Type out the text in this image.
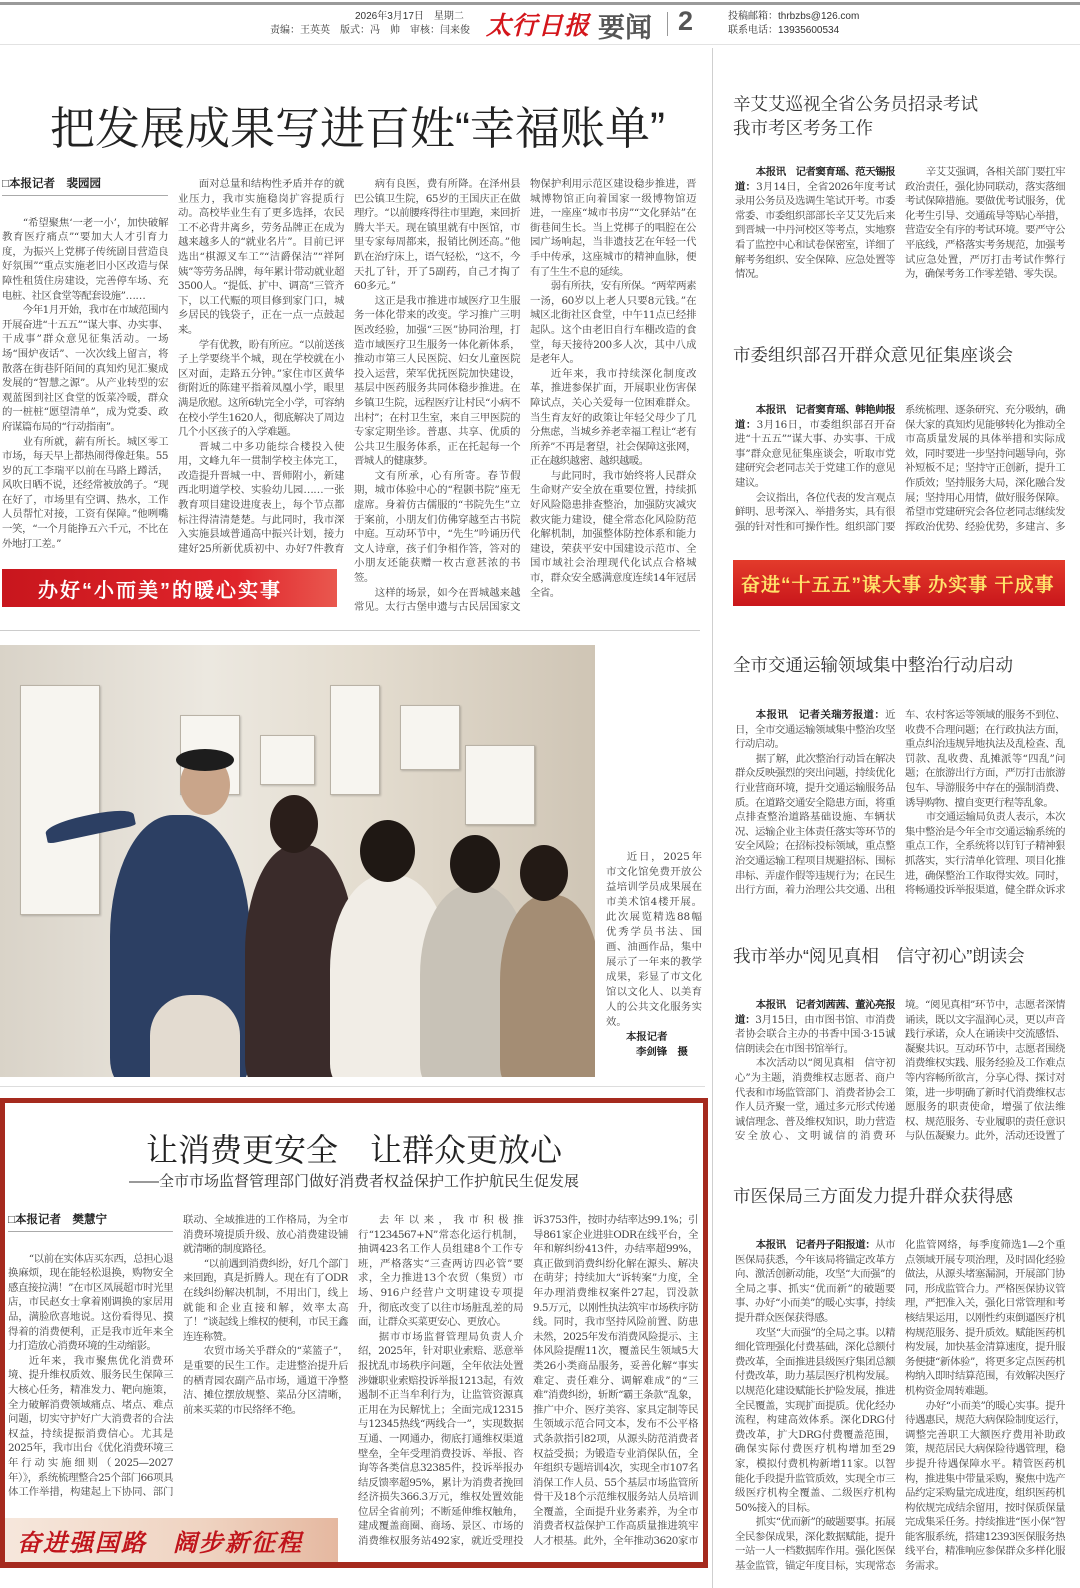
2026年3月17日　星期二
责编：王英英　版式：冯　帅　审核：闫来俊 太行日报 要闻 2	投稿邮箱：thrbzbs@126.com
联系电话：13935600534
把发展成果写进百姓“幸福账单”
□本报记者　裴园园

“希望聚焦‘一老一小’，加快破解教育医疗痛点”“要加大人才引育力度，为振兴上党梆子传统剧目营造良好氛围”“重点实施老旧小区改造与保障性租赁住房建设，完善停车场、充电桩、社区食堂等配套设施”……

今年1月开始，我市在市域范围内开展奋进“十五五”“谋大事、办实事、干成事”群众意见征集活动。一场场“围炉夜话”、一次次线上留言，将散落在街巷阡陌间的真知灼见汇聚成发展的“智慧之源”。从产业转型的宏观蓝图到社区食堂的饭菜冷暖，群众的一桩桩“愿望清单”，成为党委、政府谋篇布局的“行动指南”。

业有所就，薪有所长。城区零工市场，每天早上都热闹得像赶集。55岁的瓦工李瑞平以前在马路上蹲活，风吹日晒不说，还经常被放鸽子。“现在好了，市场里有空调、热水，工作人员帮忙对接，工资有保障。”他咧嘴一笑，“一个月能挣五六千元，不比在外地打工差。”

面对总量和结构性矛盾并存的就业压力，我市实施稳岗扩容提质行动。高校毕业生有了更多选择，农民工不必背井离乡，劳务品牌正在成为越来越多人的“就业名片”。目前已评选出“棋源叉车工”“洁爵保洁”“祥阿姨”等劳务品牌，每年累计带动就业超3500人。“提低、扩中、调高”三管齐下，以工代赈的项目修到家门口，城乡居民的钱袋子，正在一点一点鼓起来。

学有优教，盼有所应。“以前送孩子上学要绕半个城，现在学校就在小区对面，走路五分钟。”家住市区黄华街附近的陈建平指着凤凰小学，眼里满是欣慰。这所6轨完全小学，可容纳在校小学生1620人，彻底解决了周边几个小区孩子的入学难题。

晋城二中多功能综合楼投入使用，文峰九年一贯制学校主体完工，改造提升晋城一中、晋师附小，新建西北明道学校、实验幼儿园……一张教育项目建设进度表上，每个节点都标注得清清楚楚。与此同时，我市深入实施县域普通高中振兴计划，接力建好25所新优质初中、办好7件教育

病有良医，费有所降。在泽州县巴公镇卫生院，65岁的王国庆正在做理疗。“以前腰疼得往市里跑，来回折腾大半天。现在镇里就有中医馆，市里专家每周都来，报销比例还高。”他趴在治疗床上，语气轻松，“这不，今天扎了针，开了5副药，自己才掏了60多元。”

这正是我市推进市域医疗卫生服务一体化带来的改变。学习推广三明医改经验，加强“三医”协同治理，打造市域医疗卫生服务一体化新体系，推动市第三人民医院、妇女儿童医院投入运营，荣军优抚医院加快建设，基层中医药服务共同体稳步推进。在乡镇卫生院，远程医疗让村民“小病不出村”；在村卫生室，来自三甲医院的专家定期坐诊。普惠、共享、优质的公共卫生服务体系，正在托起每一个晋城人的健康梦。

文有所承，心有所寄。春节假期，城市体验中心的“程颢书院”座无虚席。身着仿古儒服的“书院先生”立于案前，小朋友们仿佛穿越至古书院中庭。互动环节中，“先生”吟诵历代文人诗章，孩子们争相作答，答对的小朋友还能获赠一枚古意甚浓的书签。

这样的场景，如今在晋城越来越常见。太行古堡申遗与古民居国家文物保护利用示范区建设稳步推进，晋城博物馆正向着国家一级博物馆迈进，一座座“城市书房”“文化驿站”在街巷间生长。当上党梆子的唱腔在公园广场响起，当非遗技艺在年轻一代手中传承，这座城市的精神血脉，便有了生生不息的延续。

弱有所扶，安有所保。“两荤两素一汤，60岁以上老人只要8元钱。”在城区北街社区食堂，中午11点已经排起队。这个由老旧自行车棚改造的食堂，每天接待200多人次，其中八成是老年人。

近年来，我市持续深化制度改革，推进参保扩面，开展职业伤害保障试点，关心关爱每一位困难群众。当生育友好的政策让年轻父母少了几分焦虑，当城乡养老幸福工程让“老有所养”不再是奢望，社会保障这张网，正在越织越密、越织越暖。

与此同时，我市始终将人民群众生命财产安全放在重要位置，持续抓好风险隐患排查整治，加强防灾减灾救灾能力建设，健全常态化风险防范化解机制，加强整体防控体系和能力建设，荣获平安中国建设示范市、全国市域社会治理现代化试点合格城市，群众安全感满意度连续14年冠居全省。

办好“小而美”的暖心实事

近日，2025年市文化馆免费开放公益培训学员成果展在市美术馆4楼开展。此次展览精选88幅优秀学员书法、国画、油画作品，集中展示了一年来的教学成果，彩显了市文化馆以文化人、以美育人的公共文化服务实效。

本报记者
李剑锋　摄
让消费更安全　让群众更放心
——全市市场监督管理部门做好消费者权益保护工作护航民生促发展
□本报记者　樊慧宁

“以前在实体店买东西，总担心退换麻烦，现在能轻松退换，购物安全感直接拉满！”在市区凤展超市时光里店，市民赵女士拿着刚调换的家居用品，满脸欣喜地说。这份看得见、摸得着的消费便利，正是我市近年来全力打造放心消费环境的生动缩影。

近年来，我市聚焦优化消费环境、提升维权质效、服务民生保障三大核心任务，精准发力、靶向施策，全力破解消费领域痛点、堵点、难点问题，切实守护好广大消费者的合法权益，持续提振消费信心。尤其是2025年，我市出台《优化消费环境三年行动实施细则（2025—2027年）》，系统梳理整合25个部门66项具体工作举措，构建起上下协同、部门联动、全域推进的工作格局，为全市消费环境提质升级、放心消费建设铺就清晰的制度路径。

“以前遇到消费纠纷，好几个部门来回跑，真是折腾人。现在有了ODR在线纠纷解决机制，不用出门，线上就能和企业直接和解，效率太高了！”谈起线上维权的便利，市民王鑫连连称赞。

农贸市场关乎群众的“菜篮子”，是重要的民生工作。走进整治提升后的栖青园农副产品市场，通道干净整洁、摊位摆放规整、菜品分区清晰，前来买菜的市民络绎不绝。

去年以来，我市积极推行“1234567+N”常态化运行机制，抽调423名工作人员组建8个工作专班，严格落实“三查两访四必管”要求，全力推进13个农贸（集贸）市场、916户经营户文明建设专项提升，彻底改变了以往市场脏乱差的局面，让群众买菜更安心、更放心。

据市市场监督管理局负责人介绍，2025年，针对职业索赔、恶意举报扰乱市场秩序问题，全年依法处置涉嫌职业索赔投诉举报1213起，有效遏制不正当牟利行为，让监管资源真正用在为民解忧上；全面完成12315与12345热线“两线合一”，实现数据互通、一网通办，彻底打通维权渠道壁垒，全年受理消费投诉、举报、咨询等各类信息32385件，投诉举报办结反馈率超95%，累计为消费者挽回经济损失366.3万元，维权处置效能位居全省前列；不断延伸维权触角，建成覆盖商圈、商场、景区、市场的消费维权服务站492家，就近受理投诉3753件，按时办结率达99.1%；引导861家企业进驻ODR在线平台，全年和解纠纷413件，办结率超99%，真正做到消费纠纷化解在源头、解决在萌芽；持续加大“诉转案”力度，全年办理消费维权案件27起，罚没款9.5万元，以刚性执法筑牢市场秩序防线。同时，我市坚持风险前置、防患未然，2025年发布消费风险提示、主体风险提醒11次，覆盖民生领域5大类26小类商品服务，妥善化解“事实难定、责任难分、调解难成”的“三难”消费纠纷，斩断“霸王条款”乱象，推广中介、医疗美容、家具定制等民生领域示范合同文本，发布不公平格式条款指引82项，从源头防范消费者权益受损；为锻造专业消保队伍，全年组织专题培训4次，实现全市107名消保工作人员、55个基层市场监管所骨干及18个示范维权服务站人员培训全覆盖，全面提升业务素养，为全市消费者权益保护工作高质量推进筑牢人才根基。此外，全年推动3620家市

奋进强国路　阔步新征程
辛艾艾巡视全省公务员招录考试
我市考区考务工作

本报讯　记者窦育瑶、范天锡报道：3月14日，全省2026年度考试录用公务员及选调生笔试开考。市委常委、市委组织部部长辛艾艾先后来到晋城一中丹河校区等考点，实地察看了监控中心和试卷保密室，详细了解考务组织、安全保障、应急处置等情况。

辛艾艾强调，各相关部门要扛牢政治责任，强化协同联动，落实落细考试保障措施。要做优考试服务，优化考生引导、交通疏导等贴心举措，营造安全有序的考试环境。要严守公平底线，严格落实考务规范，加强考试应急处置，严厉打击考试作弊行为，确保考务工作零差错、零失误。

市委组织部召开群众意见征集座谈会

本报讯　记者窦育瑶、韩艳帅报道：3月16日，市委组织部召开奋进“十五五”“谋大事、办实事、干成事”群众意见征集座谈会，听取市党建研究会老同志关于党建工作的意见建议。

会议指出，各位代表的发言观点鲜明、思考深入、举措务实，具有很强的针对性和可操作性。组织部门要系统梳理、逐条研究、充分吸纳，确保大家的真知灼见能够转化为推动全市高质量发展的具体举措和实际成效，同时要进一步坚持问题导向，弥补短板不足；坚持守正创新，提升工作质效；坚持服务大局，深化融合发展；坚持用心用情，做好服务保障。希望市党建研究会各位老同志继续发挥政治优势、经验优势，多建言、多

奋进“十五五”谋大事 办实事 干成事
全市交通运输领域集中整治行动启动

本报讯　记者关瑞芳报道：近日，全市交通运输领域集中整治攻坚行动启动。

据了解，此次整治行动旨在解决群众反映强烈的突出问题，持续优化行业营商环境，提升交通运输服务品质。在道路交通安全隐患方面，将重点排查整治道路基础设施、车辆状况、运输企业主体责任落实等环节的安全风险；在招标投标领域，重点整治交通运输工程项目规避招标、围标串标、弄虚作假等违规行为；在民生出行方面，着力治理公共交通、出租车、农村客运等领域的服务不到位、收费不合理问题；在行政执法方面，重点纠治违规异地执法及乱检查、乱罚款、乱收费、乱摊派等“四乱”问题；在旅游出行方面，严厉打击旅游包车、导游服务中存在的强制消费、诱导购物、擅自变更行程等乱象。

市交通运输局负责人表示，本次集中整治是今年全市交通运输系统的重点工作，全系统将以钉钉子精神狠抓落实，实行清单化管理、项目化推进，确保整治工作取得实效。同时，将畅通投诉举报渠道，健全群众诉求

我市举办“阅见真相　信守初心”朗读会

本报讯　记者刘茜茜、董沁亮报道：3月15日，由市图书馆、市消费者协会联合主办的书香中国·3·15诚信朗读会在市图书馆举行。

本次活动以“阅见真相　信守初心”为主题，消费维权志愿者、商户代表和市场监管部门、消费者协会工作人员齐聚一堂，通过多元形式传递诚信理念、普及维权知识，助力营造安全放心、文明诚信的消费环境。“阅见真相”环节中，志愿者深情诵读，既以文字温润心灵，更以声音践行承诺，众人在诵读中交流感悟、凝聚共识。互动环节中，志愿者围绕消费维权实践、服务经验及工作难点等内容畅所欲言，分享心得、探讨对策，进一步明确了新时代消费维权志愿服务的职责使命，增强了依法维权、规范服务、专业履职的责任意识与队伍凝聚力。此外，活动还设置了

市医保局三方面发力提升群众获得感

本报讯　记者丹子阳报道：从市医保局获悉，今年该局将锚定改革方向、激活创新动能，攻坚“大而强”的全局之事、抓实“优而新”的破题要事、办好“小而美”的暖心实事，持续提升群众医保获得感。

攻坚“大而强”的全局之事。以精细化管理强化付费基础，深化总额付费改革，全面推进县级医疗集团总额付费改革，助力基层医疗机构发展。以规范化建设赋能长护险发展，推进全民覆盖，实现扩面提质。优化经办流程，构建高效体系。深化DRG付费改革，扩大DRG付费覆盖范围，确保实际付费医疗机构增加至29家，模拟付费机构新增11家。以智能化手段提升监管质效，实现全市三级医疗机构全覆盖、二级医疗机构50%接入的目标。

抓实“优而新”的破题要事。拓展全民参保成果，深化数据赋能，提升一站一人一档数据库作用。强化医保基金监管，锚定年度目标，实现常态化监管网络，每季度筛选1—2个重点领域开展专项治理，及时固化经验做法，从源头堵塞漏洞，开展部门协同，形成监管合力。严格医保协议管理，严把准入关，强化日常管理和考核结果运用，以刚性约束倒逼医疗机构规范服务、提升质效。赋能医药机构发展，加快基金清算速度，提升服务便捷“新体验”，将更多定点医药机构纳入即时结算范围，有效解决医疗机构资金周转难题。

办好“小而美”的暖心实事。提升待遇惠民，规范大病保险制度运行，调整完善职工大额医疗费用补助政策，规范居民大病保险待遇管理，稳步提升待遇保障水平。精管医药机构，推进集中带量采购，聚焦中选产品约定采购量完成进度，组织医药机构依规完成结余留用，按时保质保量完成集采任务。持续推进“医小保”智能客服系统，搭建12393医保服务热线平台，精准响应参保群众多样化服务需求。
